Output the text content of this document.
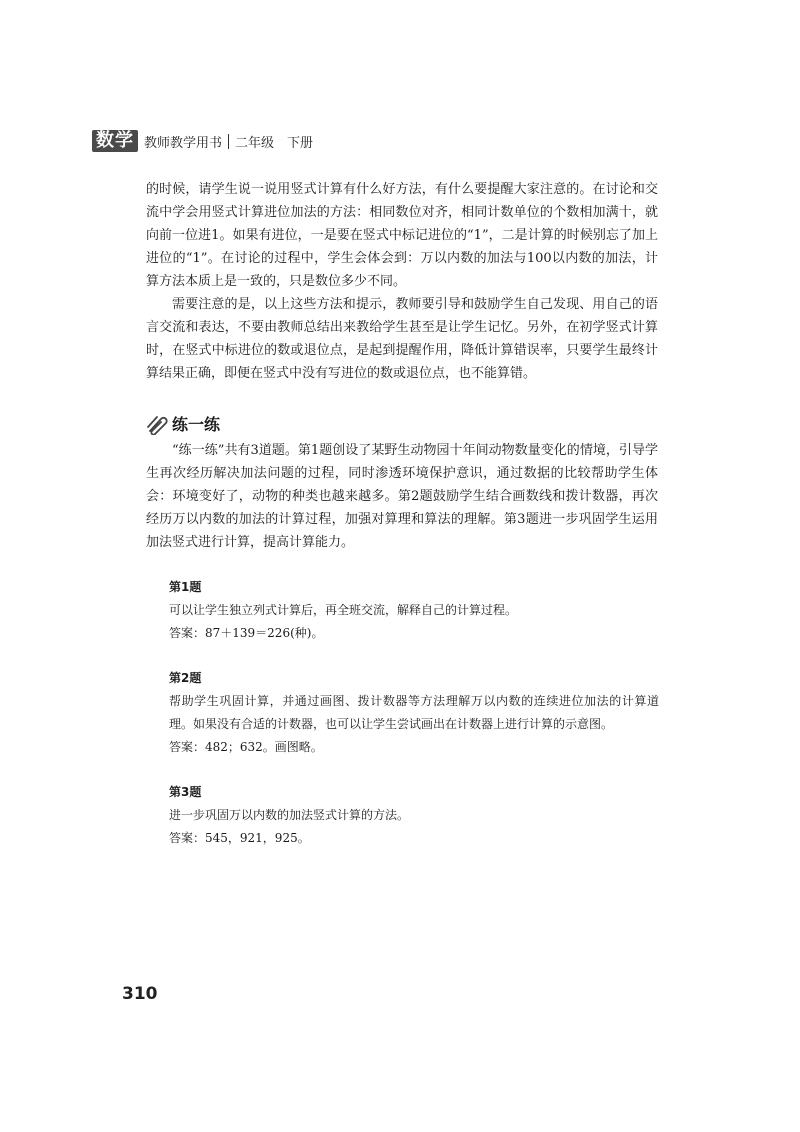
数学 教师教学用书 二年级　下册

的时候，请学生说一说用竖式计算有什么好方法，有什么要提醒大家注意的。在讨论和交流中学会用竖式计算进位加法的方法：相同数位对齐，相同计数单位的个数相加满十，就向前一位进1。如果有进位，一是要在竖式中标记进位的“1”，二是计算的时候别忘了加上进位的“1”。在讨论的过程中，学生会体会到：万以内数的加法与100以内数的加法，计算方法本质上是一致的，只是数位多少不同。

需要注意的是，以上这些方法和提示，教师要引导和鼓励学生自己发现、用自己的语言交流和表达，不要由教师总结出来教给学生甚至是让学生记忆。另外，在初学竖式计算时，在竖式中标进位的数或退位点，是起到提醒作用，降低计算错误率，只要学生最终计算结果正确，即便在竖式中没有写进位的数或退位点，也不能算错。

练一练

“练一练”共有3道题。第1题创设了某野生动物园十年间动物数量变化的情境，引导学生再次经历解决加法问题的过程，同时渗透环境保护意识，通过数据的比较帮助学生体会：环境变好了，动物的种类也越来越多。第2题鼓励学生结合画数线和拨计数器，再次经历万以内数的加法的计算过程，加强对算理和算法的理解。第3题进一步巩固学生运用加法竖式进行计算，提高计算能力。

第1题
可以让学生独立列式计算后，再全班交流，解释自己的计算过程。
答案：87＋139＝226(种)。
第2题
帮助学生巩固计算，并通过画图、拨计数器等方法理解万以内数的连续进位加法的计算道理。如果没有合适的计数器，也可以让学生尝试画出在计数器上进行计算的示意图。
答案：482；632。画图略。
第3题
进一步巩固万以内数的加法竖式计算的方法。
答案：545，921，925。
310
